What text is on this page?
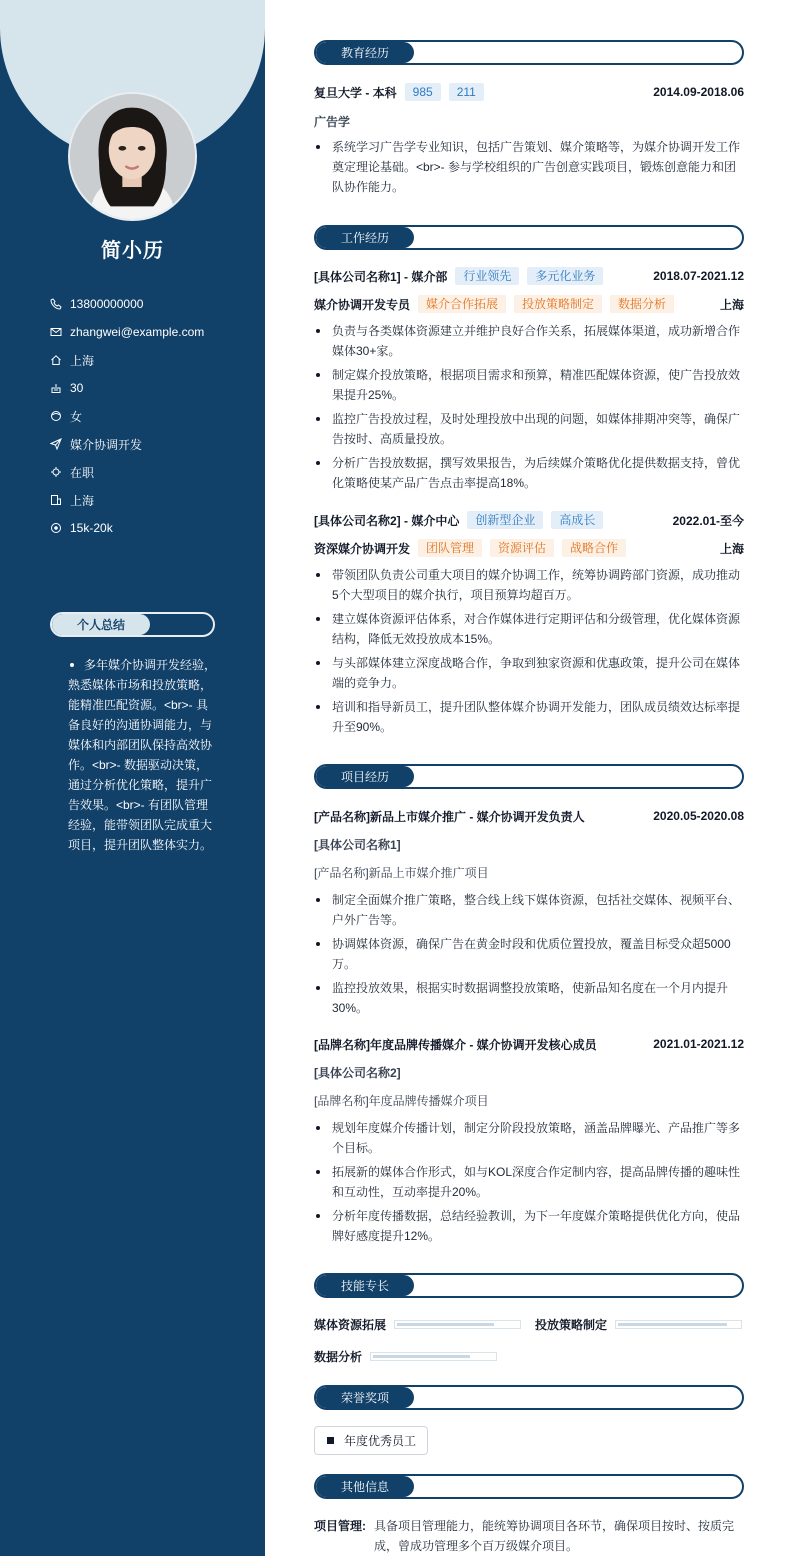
简小历
13800000000
zhangwei@example.com
上海
30
女
媒介协调开发
在职
上海
15k-20k
个人总结
多年媒介协调开发经验，熟悉媒体市场和投放策略，能精准匹配资源。<br>- 具备良好的沟通协调能力，与媒体和内部团队保持高效协作。<br>- 数据驱动决策，通过分析优化策略，提升广告效果。<br>- 有团队管理经验，能带领团队完成重大项目，提升团队整体实力。
教育经历
复旦大学 - 本科	985	211	2014.09-2018.06
广告学
系统学习广告学专业知识，包括广告策划、媒介策略等，为媒介协调开发工作奠定理论基础。<br>- 参与学校组织的广告创意实践项目，锻炼创意能力和团队协作能力。
工作经历
[具体公司名称1] - 媒介部	行业领先	多元化业务	2018.07-2021.12
媒介协调开发专员	媒介合作拓展	投放策略制定	数据分析	上海
负责与各类媒体资源建立并维护良好合作关系，拓展媒体渠道，成功新增合作媒体30+家。
制定媒介投放策略，根据项目需求和预算，精准匹配媒体资源，使广告投放效果提升25%。
监控广告投放过程，及时处理投放中出现的问题，如媒体排期冲突等，确保广告按时、高质量投放。
分析广告投放数据，撰写效果报告，为后续媒介策略优化提供数据支持，曾优化策略使某产品广告点击率提高18%。
[具体公司名称2] - 媒介中心	创新型企业	高成长	2022.01-至今
资深媒介协调开发	团队管理	资源评估	战略合作	上海
带领团队负责公司重大项目的媒介协调工作，统筹协调跨部门资源，成功推动5个大型项目的媒介执行，项目预算均超百万。
建立媒体资源评估体系，对合作媒体进行定期评估和分级管理，优化媒体资源结构，降低无效投放成本15%。
与头部媒体建立深度战略合作，争取到独家资源和优惠政策，提升公司在媒体端的竞争力。
培训和指导新员工，提升团队整体媒介协调开发能力，团队成员绩效达标率提升至90%。
项目经历
[产品名称]新品上市媒介推广 - 媒介协调开发负责人	2020.05-2020.08
[具体公司名称1]
[产品名称]新品上市媒介推广项目
制定全面媒介推广策略，整合线上线下媒体资源，包括社交媒体、视频平台、户外广告等。
协调媒体资源，确保广告在黄金时段和优质位置投放，覆盖目标受众超5000万。
监控投放效果，根据实时数据调整投放策略，使新品知名度在一个月内提升30%。
[品牌名称]年度品牌传播媒介 - 媒介协调开发核心成员	2021.01-2021.12
[具体公司名称2]
[品牌名称]年度品牌传播媒介项目
规划年度媒介传播计划，制定分阶段投放策略，涵盖品牌曝光、产品推广等多个目标。
拓展新的媒体合作形式，如与KOL深度合作定制内容，提高品牌传播的趣味性和互动性，互动率提升20%。
分析年度传播数据，总结经验教训，为下一年度媒介策略提供优化方向，使品牌好感度提升12%。
技能专长
媒体资源拓展	投放策略制定
数据分析
荣誉奖项
年度优秀员工
其他信息
项目管理: 具备项目管理能力，能统筹协调项目各环节，确保项目按时、按质完成，曾成功管理多个百万级媒介项目。
